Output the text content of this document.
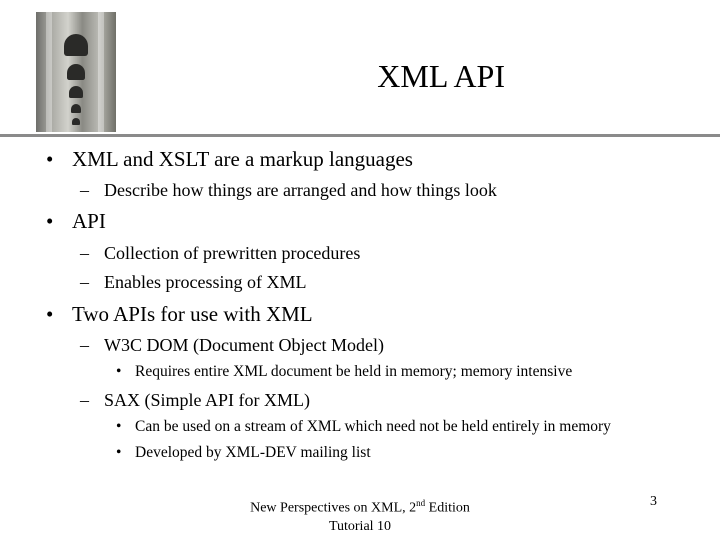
XML API
• XML and XSLT are a markup languages
– Describe how things are arranged and how things look
• API
– Collection of prewritten procedures
– Enables processing of XML
• Two APIs for use with XML
– W3C DOM (Document Object Model)
• Requires entire XML document be held in memory; memory intensive
– SAX (Simple API for XML)
• Can be used on a stream of XML which need not be held entirely in memory
• Developed by XML-DEV mailing list
New Perspectives on XML, 2nd Edition
Tutorial 10
3
